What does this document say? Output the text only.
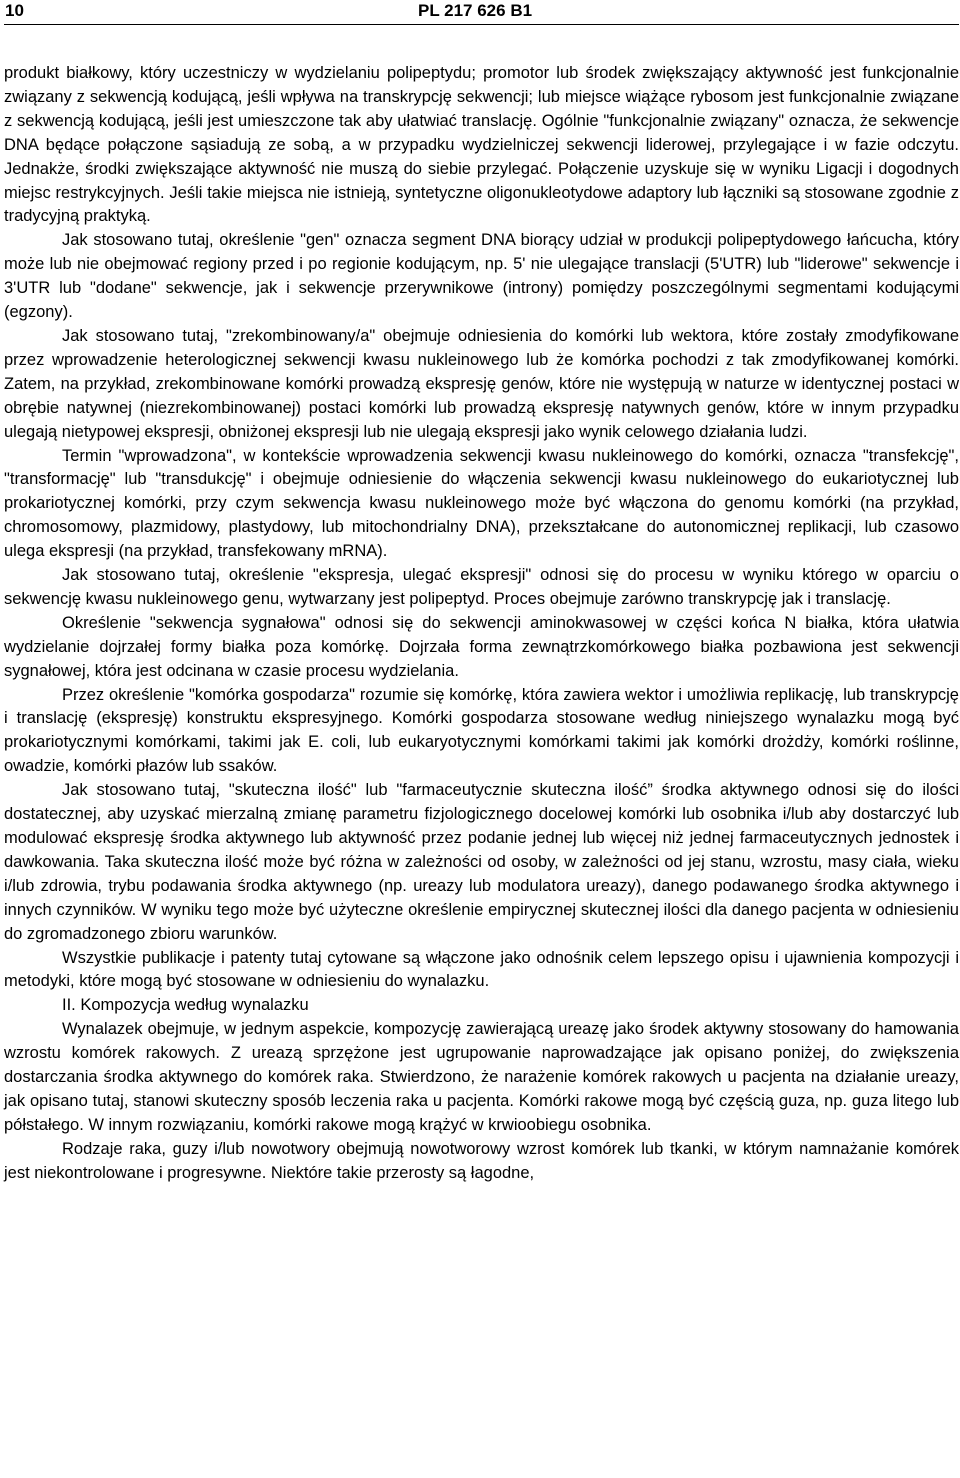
10	PL 217 626 B1

produkt białkowy, który uczestniczy w wydzielaniu polipeptydu; promotor lub środek zwiększający aktywność jest funkcjonalnie związany z sekwencją kodującą, jeśli wpływa na transkrypcję sekwencji; lub miejsce wiążące rybosom jest funkcjonalnie związane z sekwencją kodującą, jeśli jest umieszczone tak aby ułatwiać translację. Ogólnie "funkcjonalnie związany" oznacza, że sekwencje DNA będące połączone sąsiadują ze sobą, a w przypadku wydzielniczej sekwencji liderowej, przylegające i w fazie odczytu. Jednakże, środki zwiększające aktywność nie muszą do siebie przylegać. Połączenie uzyskuje się w wyniku Ligacji i dogodnych miejsc restrykcyjnych. Jeśli takie miejsca nie istnieją, syntetyczne oligonukleotydowe adaptory lub łączniki są stosowane zgodnie z tradycyjną praktyką.

Jak stosowano tutaj, określenie "gen" oznacza segment DNA biorący udział w produkcji polipeptydowego łańcucha, który może lub nie obejmować regiony przed i po regionie kodującym, np. 5' nie ulegające translacji (5'UTR) lub "liderowe" sekwencje i 3'UTR lub "dodane" sekwencje, jak i sekwencje przerywnikowe (introny) pomiędzy poszczególnymi segmentami kodującymi (egzony).

Jak stosowano tutaj, "zrekombinowany/a" obejmuje odniesienia do komórki lub wektora, które zostały zmodyfikowane przez wprowadzenie heterologicznej sekwencji kwasu nukleinowego lub że komórka pochodzi z tak zmodyfikowanej komórki. Zatem, na przykład, zrekombinowane komórki prowadzą ekspresję genów, które nie występują w naturze w identycznej postaci w obrębie natywnej (niezrekombinowanej) postaci komórki lub prowadzą ekspresję natywnych genów, które w innym przypadku ulegają nietypowej ekspresji, obniżonej ekspresji lub nie ulegają ekspresji jako wynik celowego działania ludzi.

Termin "wprowadzona", w kontekście wprowadzenia sekwencji kwasu nukleinowego do komórki, oznacza "transfekcję", "transformację" lub "transdukcję" i obejmuje odniesienie do włączenia sekwencji kwasu nukleinowego do eukariotycznej lub prokariotycznej komórki, przy czym sekwencja kwasu nukleinowego może być włączona do genomu komórki (na przykład, chromosomowy, plazmidowy, plastydowy, lub mitochondrialny DNA), przekształcane do autonomicznej replikacji, lub czasowo ulega ekspresji (na przykład, transfekowany mRNA).

Jak stosowano tutaj, określenie "ekspresja, ulegać ekspresji" odnosi się do procesu w wyniku którego w oparciu o sekwencję kwasu nukleinowego genu, wytwarzany jest polipeptyd. Proces obejmuje zarówno transkrypcję jak i translację.

Określenie "sekwencja sygnałowa" odnosi się do sekwencji aminokwasowej w części końca N białka, która ułatwia wydzielanie dojrzałej formy białka poza komórkę. Dojrzała forma zewnątrzkomórkowego białka pozbawiona jest sekwencji sygnałowej, która jest odcinana w czasie procesu wydzielania.

Przez określenie "komórka gospodarza" rozumie się komórkę, która zawiera wektor i umożliwia replikację, lub transkrypcję i translację (ekspresję) konstruktu ekspresyjnego. Komórki gospodarza stosowane według niniejszego wynalazku mogą być prokariotycznymi komórkami, takimi jak E. coli, lub eukaryotycznymi komórkami takimi jak komórki drożdży, komórki roślinne, owadzie, komórki płazów lub ssaków.

Jak stosowano tutaj, "skuteczna ilość" lub "farmaceutycznie skuteczna ilość” środka aktywnego odnosi się do ilości dostatecznej, aby uzyskać mierzalną zmianę parametru fizjologicznego docelowej komórki lub osobnika i/lub aby dostarczyć lub modulować ekspresję środka aktywnego lub aktywność przez podanie jednej lub więcej niż jednej farmaceutycznych jednostek i dawkowania. Taka skuteczna ilość może być różna w zależności od osoby, w zależności od jej stanu, wzrostu, masy ciała, wieku i/lub zdrowia, trybu podawania środka aktywnego (np. ureazy lub modulatora ureazy), danego podawanego środka aktywnego i innych czynników. W wyniku tego może być użyteczne określenie empirycznej skutecznej ilości dla danego pacjenta w odniesieniu do zgromadzonego zbioru warunków.

Wszystkie publikacje i patenty tutaj cytowane są włączone jako odnośnik celem lepszego opisu i ujawnienia kompozycji i metodyki, które mogą być stosowane w odniesieniu do wynalazku.

II. Kompozycja według wynalazku

Wynalazek obejmuje, w jednym aspekcie, kompozycję zawierającą ureazę jako środek aktywny stosowany do hamowania wzrostu komórek rakowych. Z ureazą sprzężone jest ugrupowanie naprowadzające jak opisano poniżej, do zwiększenia dostarczania środka aktywnego do komórek raka. Stwierdzono, że narażenie komórek rakowych u pacjenta na działanie ureazy, jak opisano tutaj, stanowi skuteczny sposób leczenia raka u pacjenta. Komórki rakowe mogą być częścią guza, np. guza litego lub półstałego. W innym rozwiązaniu, komórki rakowe mogą krążyć w krwioobiegu osobnika.

Rodzaje raka, guzy i/lub nowotwory obejmują nowotworowy wzrost komórek lub tkanki, w którym namnażanie komórek jest niekontrolowane i progresywne. Niektóre takie przerosty są łagodne,
